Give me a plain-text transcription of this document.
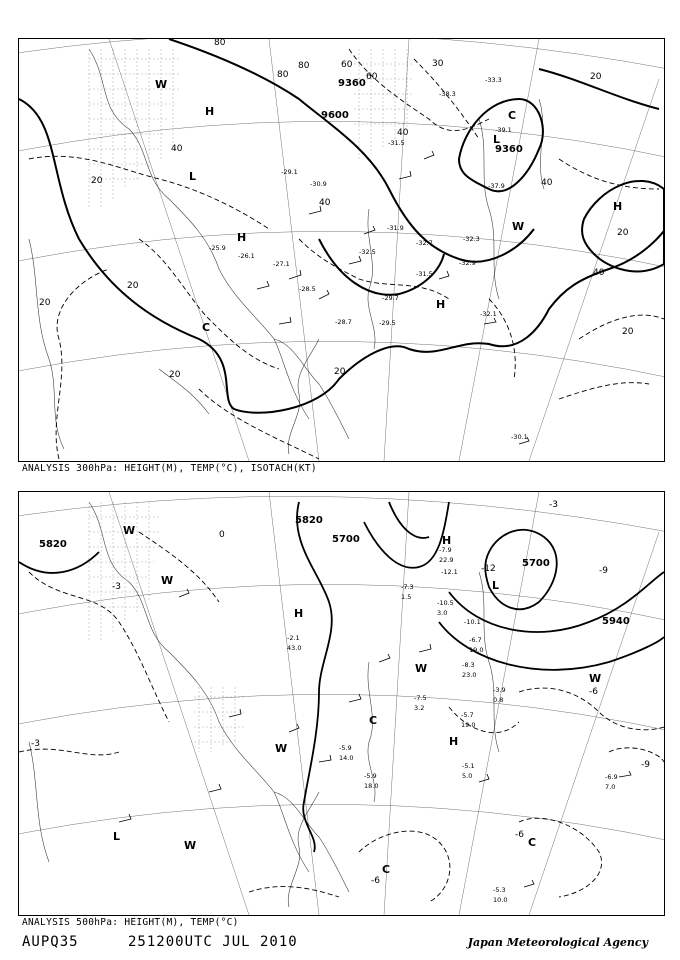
9600
9360
9360
80
80
60
40
40
40
20
20
20
20	20
20
40
40
20
20
30
60
80
H
L
H
C
H
L
C
W
H
W	-33.3
-29.7
-32.1
-28.7	-29.5
-31.5
-32.5
-31.9
-32.7	-32.3
-29.1
-30.1
-37.9
-39.1
-30.9
-27.1
-28.5
-26.1
-25.9
-31.5
-32.9
-38.3
ANALYSIS 300hPa: HEIGHT(M), TEMP(°C), ISOTACH(KT)
5820	5700
5820
5700
5940
-3
-6
-9
-3
-6
-9
-12
-6
-3
0
W
W
H
H
L
W
C
W
H
W
C
C
L
W
-5.1
5.0	-6.9
7.0
-5.3
10.0
-5.9
18.0
-5.9
14.0
-7.5
3.2
-5.7
19.0
-8.3
23.0
-10.1
-12.1
-7.9
22.9
-10.5
3.0
-6.7
19.0
-3.9
0.8
-7.3
1.5
-2.1
43.0
ANALYSIS 500hPa: HEIGHT(M), TEMP(°C)
AUPQ35	251200UTC JUL 2010	Japan Meteorological Agency
